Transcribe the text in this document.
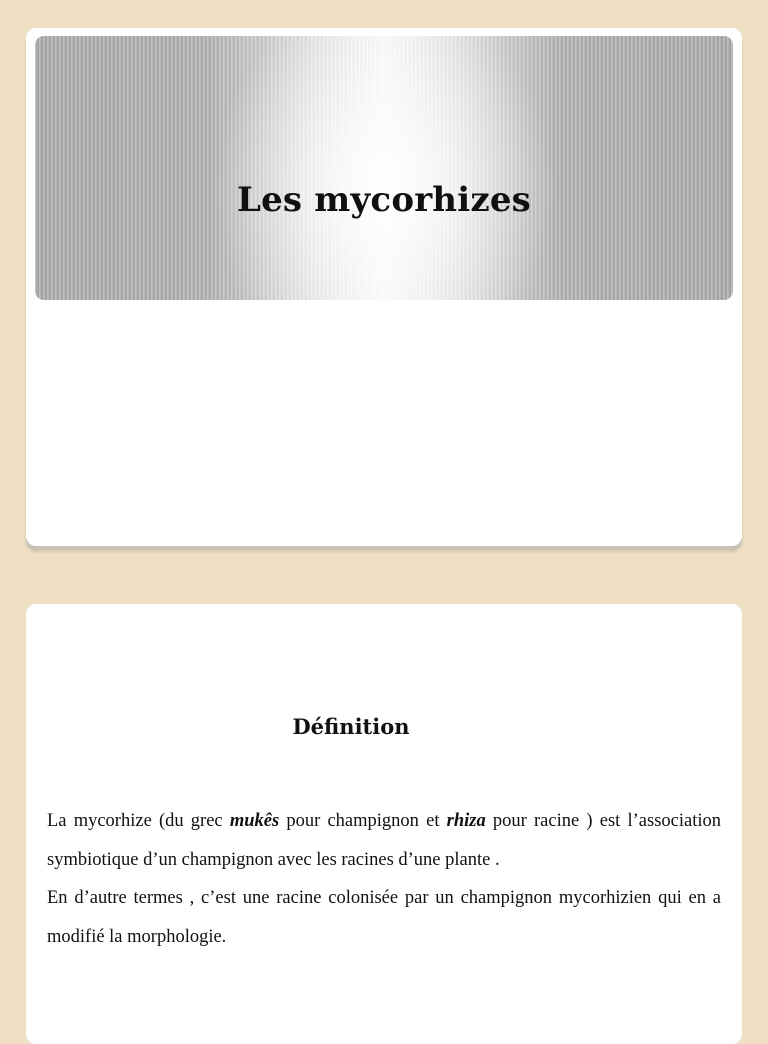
Les mycorhizes
Définition

La mycorhize (du grec mukês pour champignon et rhiza pour racine ) est l’association symbiotique d’un champignon avec les racines d’une plante .

En d’autre termes , c’est une racine colonisée par un champignon mycorhizien qui en a modifié la morphologie.
